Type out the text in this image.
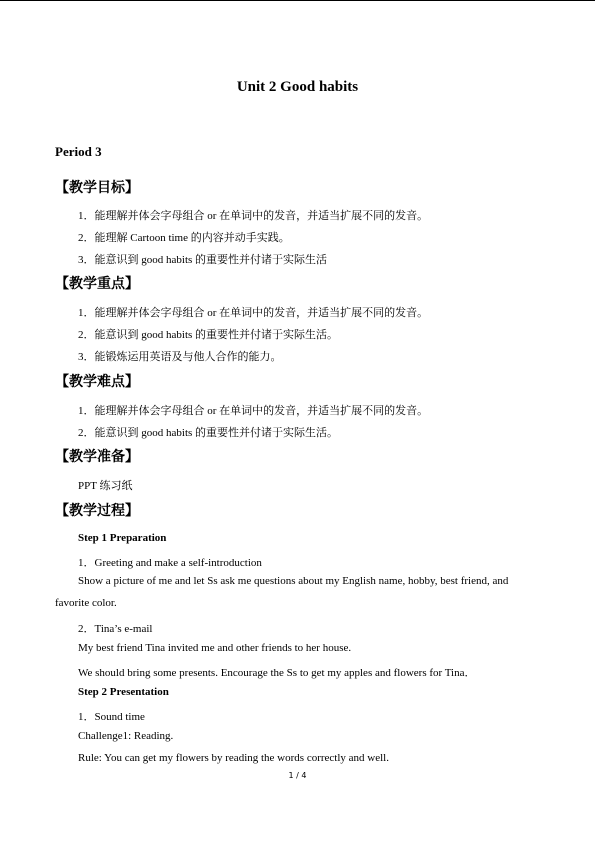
Unit 2 Good habits
Period 3
【教学目标】
1．能理解并体会字母组合 or 在单词中的发音，并适当扩展不同的发音。
2．能理解 Cartoon time 的内容并动手实践。
3．能意识到 good habits 的重要性并付诸于实际生活
【教学重点】
1．能理解并体会字母组合 or 在单词中的发音，并适当扩展不同的发音。
2．能意识到 good habits 的重要性并付诸于实际生活。
3．能锻炼运用英语及与他人合作的能力。
【教学难点】
1．能理解并体会字母组合 or 在单词中的发音，并适当扩展不同的发音。
2．能意识到 good habits 的重要性并付诸于实际生活。
【教学准备】
PPT 练习纸
【教学过程】
Step 1 Preparation
1．Greeting and make a self-introduction
Show a picture of me and let Ss ask me questions about my English name, hobby, best friend, and favorite color.
2．Tina’s e-mail
My best friend Tina invited me and other friends to her house.
We should bring some presents. Encourage the Ss to get my apples and flowers for Tina．
Step 2 Presentation
1．Sound time
Challenge1: Reading.
Rule: You can get my flowers by reading the words correctly and well.
1 / 4
